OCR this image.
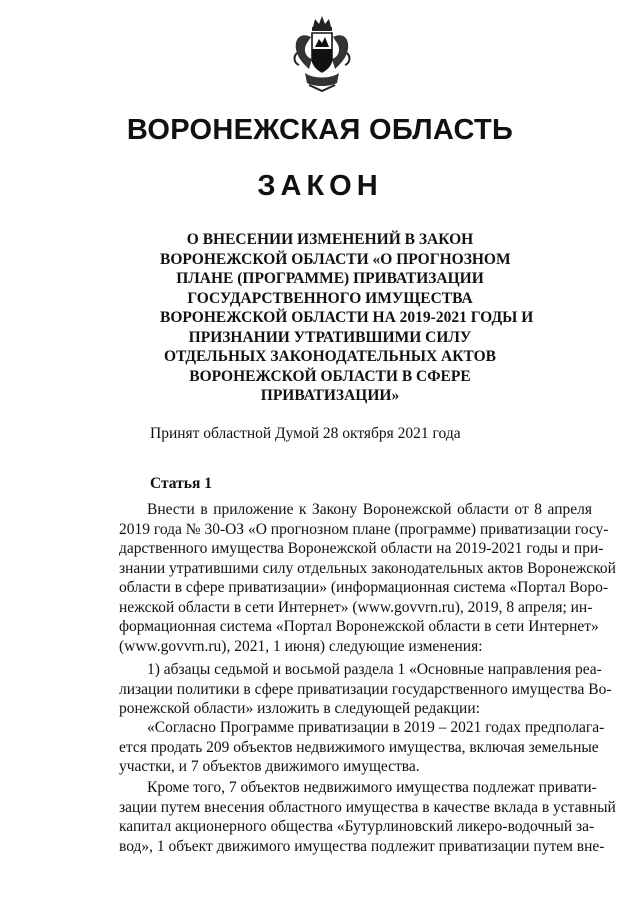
ВОРОНЕЖСКАЯ ОБЛАСТЬ
ЗАКОН
О ВНЕСЕНИИ ИЗМЕНЕНИЙ В ЗАКОН
ВОРОНЕЖСКОЙ ОБЛАСТИ «О ПРОГНОЗНОМ
ПЛАНЕ (ПРОГРАММЕ) ПРИВАТИЗАЦИИ
ГОСУДАРСТВЕННОГО ИМУЩЕСТВА
ВОРОНЕЖСКОЙ ОБЛАСТИ НА 2019-2021 ГОДЫ И
ПРИЗНАНИИ УТРАТИВШИМИ СИЛУ
ОТДЕЛЬНЫХ ЗАКОНОДАТЕЛЬНЫХ АКТОВ
ВОРОНЕЖСКОЙ ОБЛАСТИ В СФЕРЕ
ПРИВАТИЗАЦИИ»
Принят областной Думой 28 октября 2021 года
Статья 1
Внести в приложение к Закону Воронежской области от 8 апреля
2019 года № 30-ОЗ «О прогнозном плане (программе) приватизации госу-
дарственного имущества Воронежской области на 2019-2021 годы и при-
знании утратившими силу отдельных законодательных актов Воронежской
области в сфере приватизации» (информационная система «Портал Воро-
нежской области в сети Интернет» (www.govvrn.ru), 2019, 8 апреля; ин-
формационная система «Портал Воронежской области в сети Интернет»
(www.govvrn.ru), 2021, 1 июня) следующие изменения:
1) абзацы седьмой и восьмой раздела 1 «Основные направления реа-
лизации политики в сфере приватизации государственного имущества Во-
ронежской области» изложить в следующей редакции:
«Согласно Программе приватизации в 2019 – 2021 годах предполага-
ется продать 209 объектов недвижимого имущества, включая земельные
участки, и 7 объектов движимого имущества.
Кроме того, 7 объектов недвижимого имущества подлежат привати-
зации путем внесения областного имущества в качестве вклада в уставный
капитал акционерного общества «Бутурлиновский ликеро-водочный за-
вод», 1 объект движимого имущества подлежит приватизации путем вне-
